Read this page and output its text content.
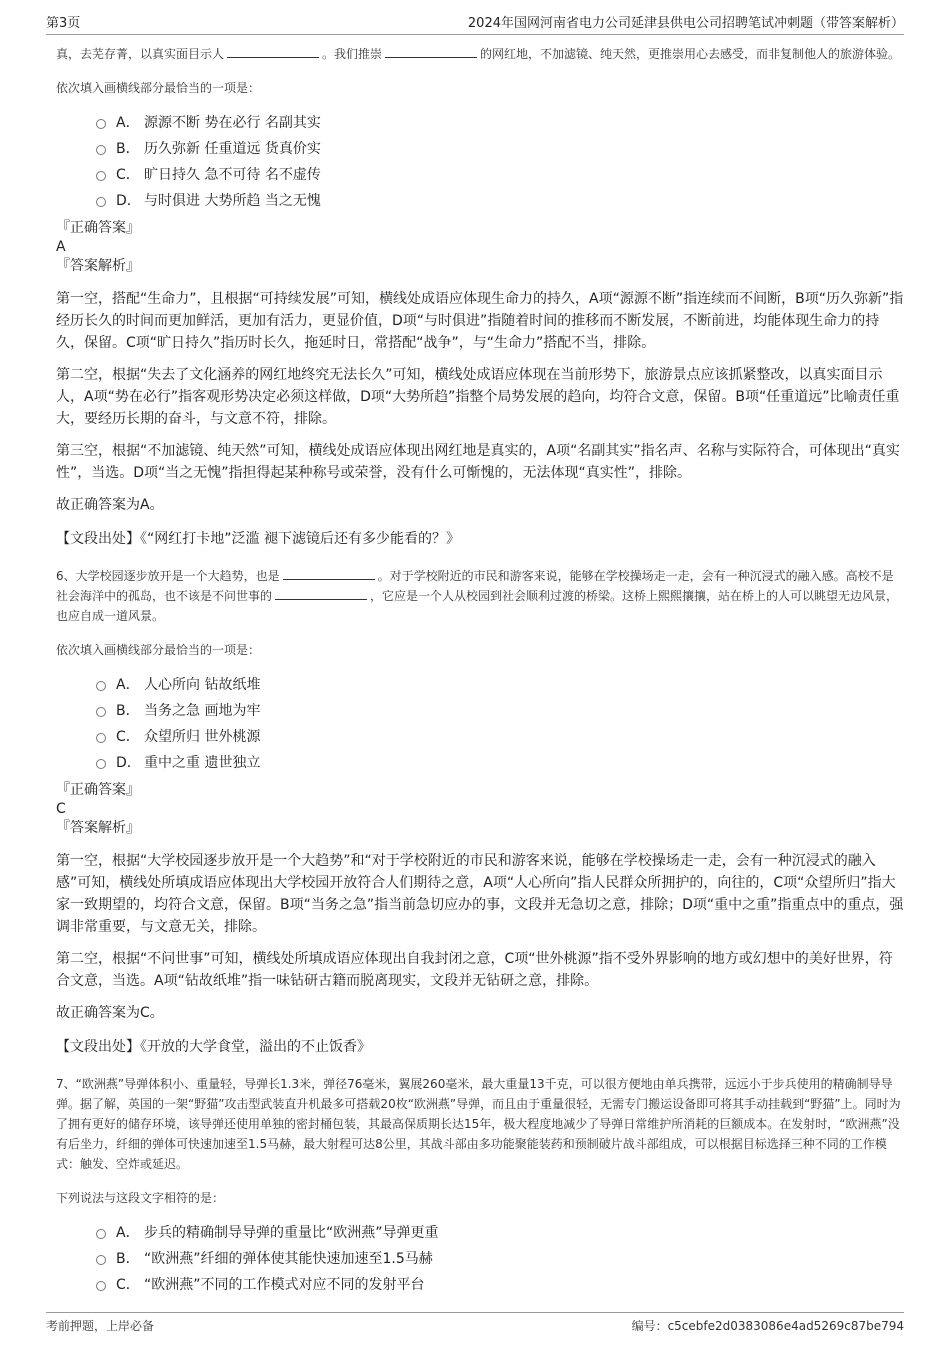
第3页	2024年国网河南省电力公司延津县供电公司招聘笔试冲刺题（带答案解析）

真，去芜存菁，以真实面目示人	。我们推崇	的网红地，不加滤镜、纯天然，更推崇用心去感受，而非复制他人的旅游体验。

依次填入画横线部分最恰当的一项是：

A． 源源不断 势在必行 名副其实
B． 历久弥新 任重道远 货真价实
C． 旷日持久 急不可待 名不虚传
D． 与时俱进 大势所趋 当之无愧
『正确答案』
A
『答案解析』

第一空，搭配“生命力”，且根据“可持续发展”可知，横线处成语应体现生命力的持久，A项“源源不断”指连续而不间断，B项“历久弥新”指经历长久的时间而更加鲜活，更加有活力，更显价值，D项“与时俱进”指随着时间的推移而不断发展，不断前进，均能体现生命力的持久，保留。C项“旷日持久”指历时长久，拖延时日，常搭配“战争”，与“生命力”搭配不当，排除。

第二空，根据“失去了文化涵养的网红地终究无法长久”可知，横线处成语应体现在当前形势下，旅游景点应该抓紧整改，以真实面目示人，A项“势在必行”指客观形势决定必须这样做，D项“大势所趋”指整个局势发展的趋向，均符合文意，保留。B项“任重道远”比喻责任重大，要经历长期的奋斗，与文意不符，排除。

第三空，根据“不加滤镜、纯天然”可知，横线处成语应体现出网红地是真实的，A项“名副其实”指名声、名称与实际符合，可体现出“真实性”，当选。D项“当之无愧”指担得起某种称号或荣誉，没有什么可惭愧的，无法体现“真实性”，排除。

故正确答案为A。

【文段出处】《“网红打卡地”泛滥 褪下滤镜后还有多少能看的？》

6、大学校园逐步放开是一个大趋势，也是	。对于学校附近的市民和游客来说，能够在学校操场走一走，会有一种沉浸式的融入感。高校不是社会海洋中的孤岛，也不该是不问世事的	，它应是一个人从校园到社会顺利过渡的桥梁。这桥上熙熙攘攘，站在桥上的人可以眺望无边风景，也应自成一道风景。

依次填入画横线部分最恰当的一项是：

A． 人心所向 钻故纸堆
B． 当务之急 画地为牢
C． 众望所归 世外桃源
D． 重中之重 遗世独立
『正确答案』
C
『答案解析』

第一空，根据“大学校园逐步放开是一个大趋势”和“对于学校附近的市民和游客来说，能够在学校操场走一走，会有一种沉浸式的融入感”可知，横线处所填成语应体现出大学校园开放符合人们期待之意，A项“人心所向”指人民群众所拥护的，向往的，C项“众望所归”指大家一致期望的，均符合文意，保留。B项“当务之急”指当前急切应办的事，文段并无急切之意，排除；D项“重中之重”指重点中的重点，强调非常重要，与文意无关，排除。

第二空，根据“不问世事”可知，横线处所填成语应体现出自我封闭之意，C项“世外桃源”指不受外界影响的地方或幻想中的美好世界，符合文意，当选。A项“钻故纸堆”指一味钻研古籍而脱离现实，文段并无钻研之意，排除。

故正确答案为C。

【文段出处】《开放的大学食堂，溢出的不止饭香》

7、“欧洲燕”导弹体积小、重量轻，导弹长1.3米，弹径76毫米，翼展260毫米，最大重量13千克，可以很方便地由单兵携带，远远小于步兵使用的精确制导导弹。据了解，英国的一架“野猫”攻击型武装直升机最多可搭载20枚“欧洲燕”导弹，而且由于重量很轻，无需专门搬运设备即可将其手动挂载到“野猫”上。同时为了拥有更好的储存环境，该导弹还使用单独的密封桶包装，其最高保质期长达15年，极大程度地减少了导弹日常维护所消耗的巨额成本。在发射时，“欧洲燕”没有后坐力，纤细的弹体可快速加速至1.5马赫，最大射程可达8公里，其战斗部由多功能聚能装药和预制破片战斗部组成，可以根据目标选择三种不同的工作模式：触发、空炸或延迟。

下列说法与这段文字相符的是：

A． 步兵的精确制导导弹的重量比“欧洲燕”导弹更重
B． “欧洲燕”纤细的弹体使其能快速加速至1.5马赫
C． “欧洲燕”不同的工作模式对应不同的发射平台
考前押题，上岸必备	编号：c5cebfe2d0383086e4ad5269c87be794
